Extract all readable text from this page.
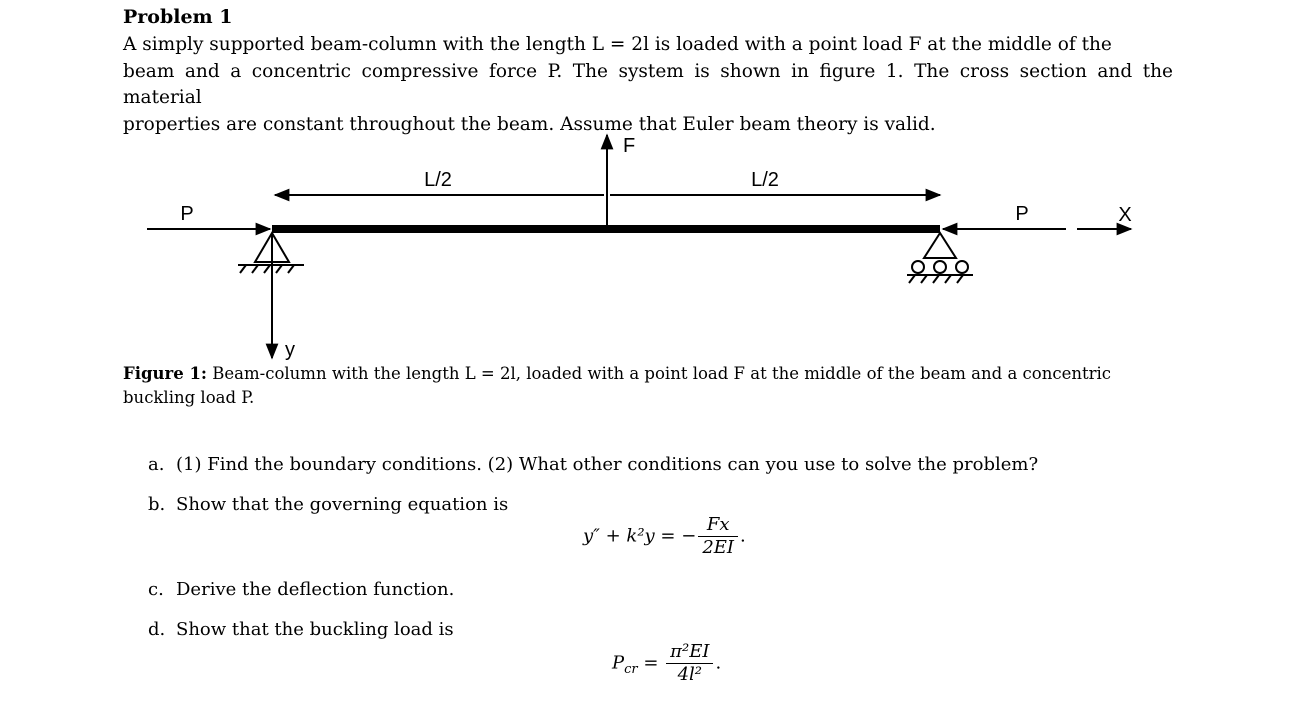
Problem 1
A simply supported beam-column with the length L = 2l is loaded with a point load F at the middle of the
beam and a concentric compressive force P. The system is shown in figure 1. The cross section and the material
properties are constant throughout the beam. Assume that Euler beam theory is valid.
L/2	L/2
F
P	P	X
y
Figure 1: Beam-column with the length L = 2l, loaded with a point load F at the middle of the beam and a concentric
buckling load P.
a. (1) Find the boundary conditions. (2) What other conditions can you use to solve the problem?
b. Show that the governing equation is
y″ + k²y = − $\frac{Fx}{2EI}$ .
c. Derive the deflection function.
d. Show that the buckling load is
$P_{cr} = \frac{\text{π²EI}}{\text{4l²}}$ .
